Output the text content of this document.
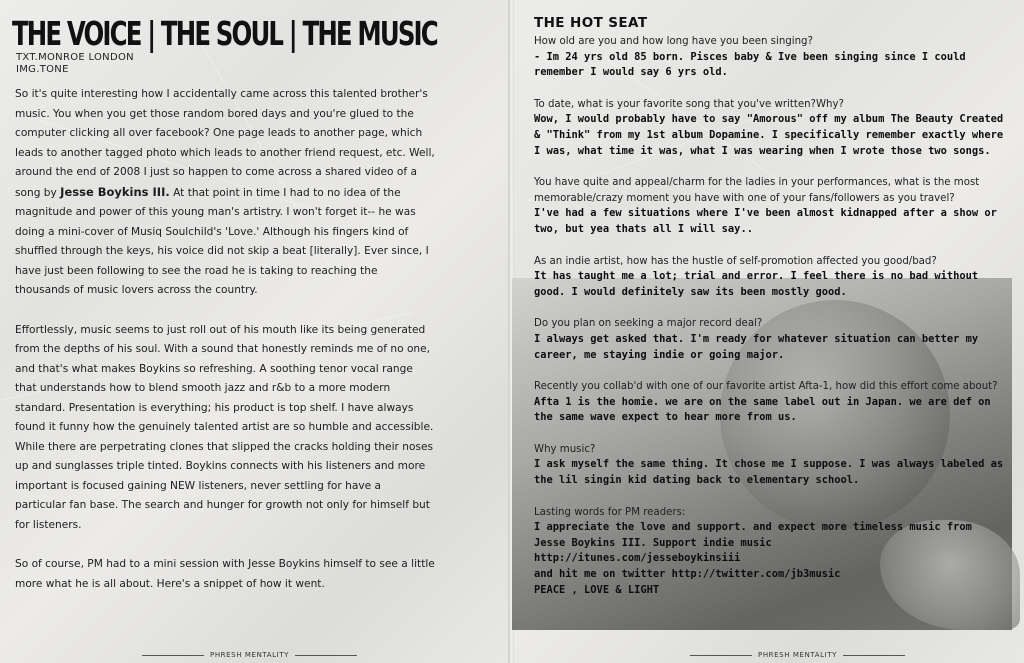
THE VOICE | THE SOUL | THE MUSIC
TXT.MONROE LONDON
IMG.TONE

So it's quite interesting how I accidentally came across this talented brother's music. You when you get those random bored days and you're glued to the computer clicking all over facebook? One page leads to another page, which leads to another tagged photo which leads to another friend request, etc. Well, around the end of 2008 I just so happen to come across a shared video of a song by Jesse Boykins III. At that point in time I had to no idea of the magnitude and power of this young man's artistry. I won't forget it-- he was doing a mini-cover of Musiq Soulchild's 'Love.' Although his fingers kind of shuffled through the keys, his voice did not skip a beat [literally]. Ever since, I have just been following to see the road he is taking to reaching the thousands of music lovers across the country.

Effortlessly, music seems to just roll out of his mouth like its being generated from the depths of his soul. With a sound that honestly reminds me of no one, and that's what makes Boykins so refreshing. A soothing tenor vocal range that understands how to blend smooth jazz and r&b to a more modern standard. Presentation is everything; his product is top shelf. I have always found it funny how the genuinely talented artist are so humble and accessible. While there are perpetrating clones that slipped the cracks holding their noses up and sunglasses triple tinted. Boykins connects with his listeners and more important is focused gaining NEW listeners, never settling for have a particular fan base. The search and hunger for growth not only for himself but for listeners.

So of course, PM had to a mini session with Jesse Boykins himself to see a little more what he is all about. Here's a snippet of how it went.

PHRESH MENTALITY
THE HOT SEAT

How old are you and how long have you been singing?

- Im 24 yrs old 85 born. Pisces baby & Ive been singing since I could remember I would say 6 yrs old.

To date, what is your favorite song that you've written?Why?

Wow, I would probably have to say "Amorous" off my album The Beauty Created & "Think" from my 1st album Dopamine. I specifically remember exactly where I was, what time it was, what I was wearing when I wrote those two songs.

You have quite and appeal/charm for the ladies in your performances, what is the most memorable/crazy moment you have with one of your fans/followers as you travel?

I've had a few situations where I've been almost kidnapped after a show or two, but yea thats all I will say..

As an indie artist, how has the hustle of self-promotion affected you good/bad?

It has taught me a lot; trial and error. I feel there is no bad without good. I would definitely saw its been mostly good.

Do you plan on seeking a major record deal?

I always get asked that. I'm ready for whatever situation can better my career, me staying indie or going major.

Recently you collab'd with one of our favorite artist Afta-1, how did this effort come about?

Afta 1 is the homie. we are on the same label out in Japan. we are def on the same wave expect to hear more from us.

Why music?

I ask myself the same thing. It chose me I suppose. I was always labeled as the lil singin kid dating back to elementary school.

Lasting words for PM readers:

I appreciate the love and support. and expect more timeless music from Jesse Boykins III. Support indie music

http://itunes.com/jesseboykinsiii

and hit me on twitter http://twitter.com/jb3music

PEACE , LOVE & LIGHT

PHRESH MENTALITY
